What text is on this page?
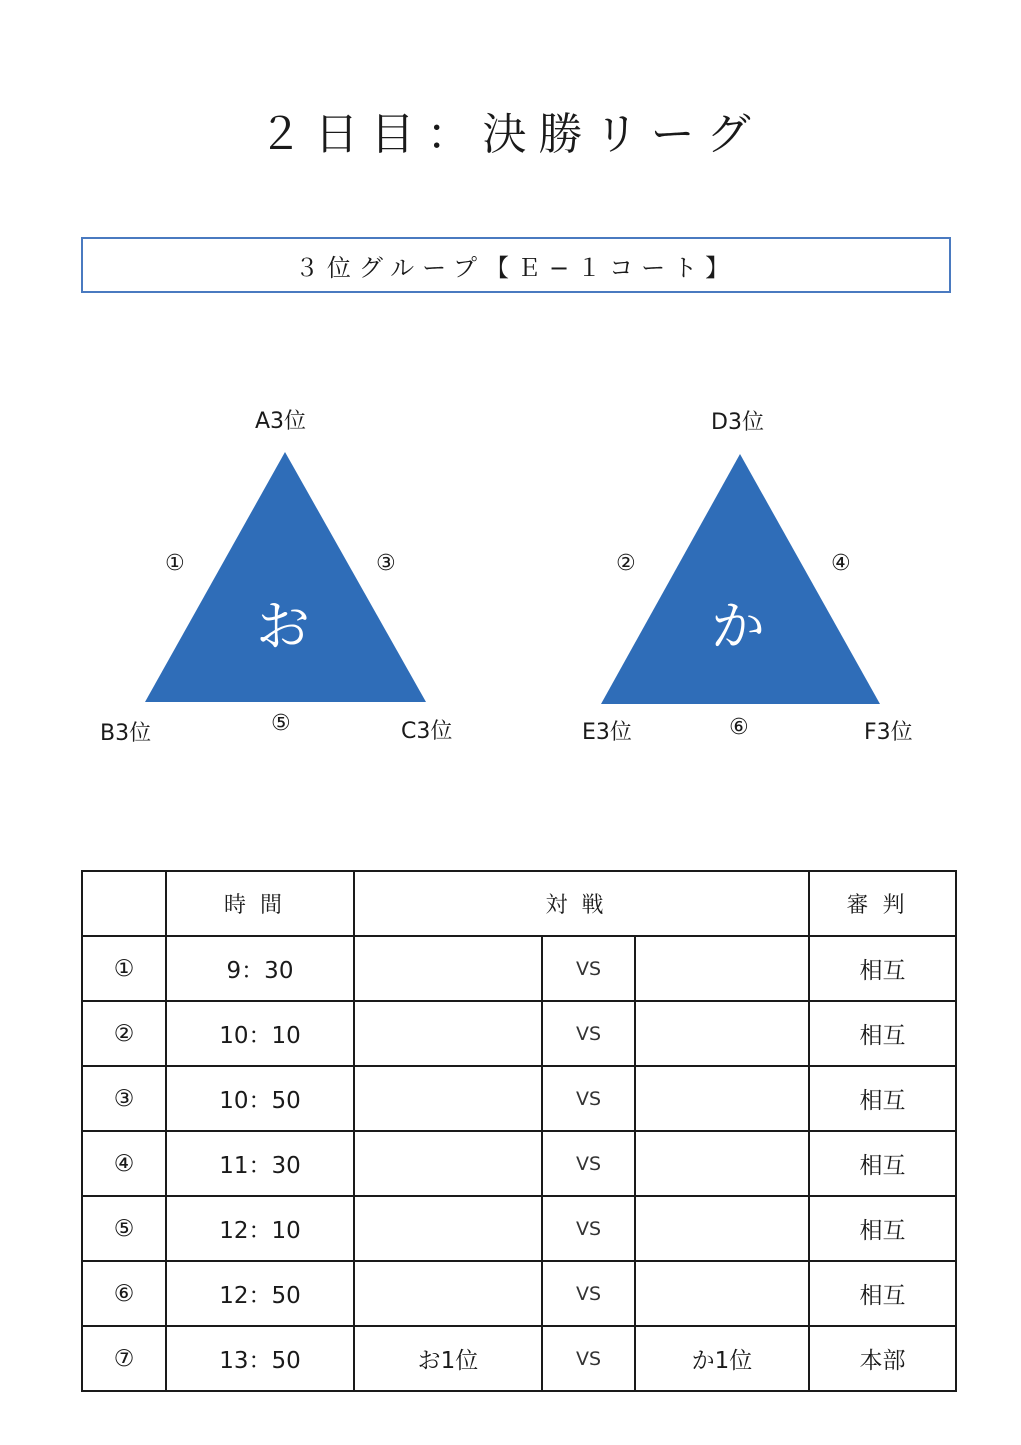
２日目：決勝リーグ
３位グループ【Ｅ−１コート】
お
A3位
B3位	C3位
①	③
⑤
か
D3位
E3位	F3位
②	④
⑥
	時間	対戦			審判
①	9：30		VS		相互
②	10：10		VS		相互
③	10：50		VS		相互
④	11：30		VS		相互
⑤	12：10		VS		相互
⑥	12：50		VS		相互
⑦	13：50	お1位	VS	か1位	本部
